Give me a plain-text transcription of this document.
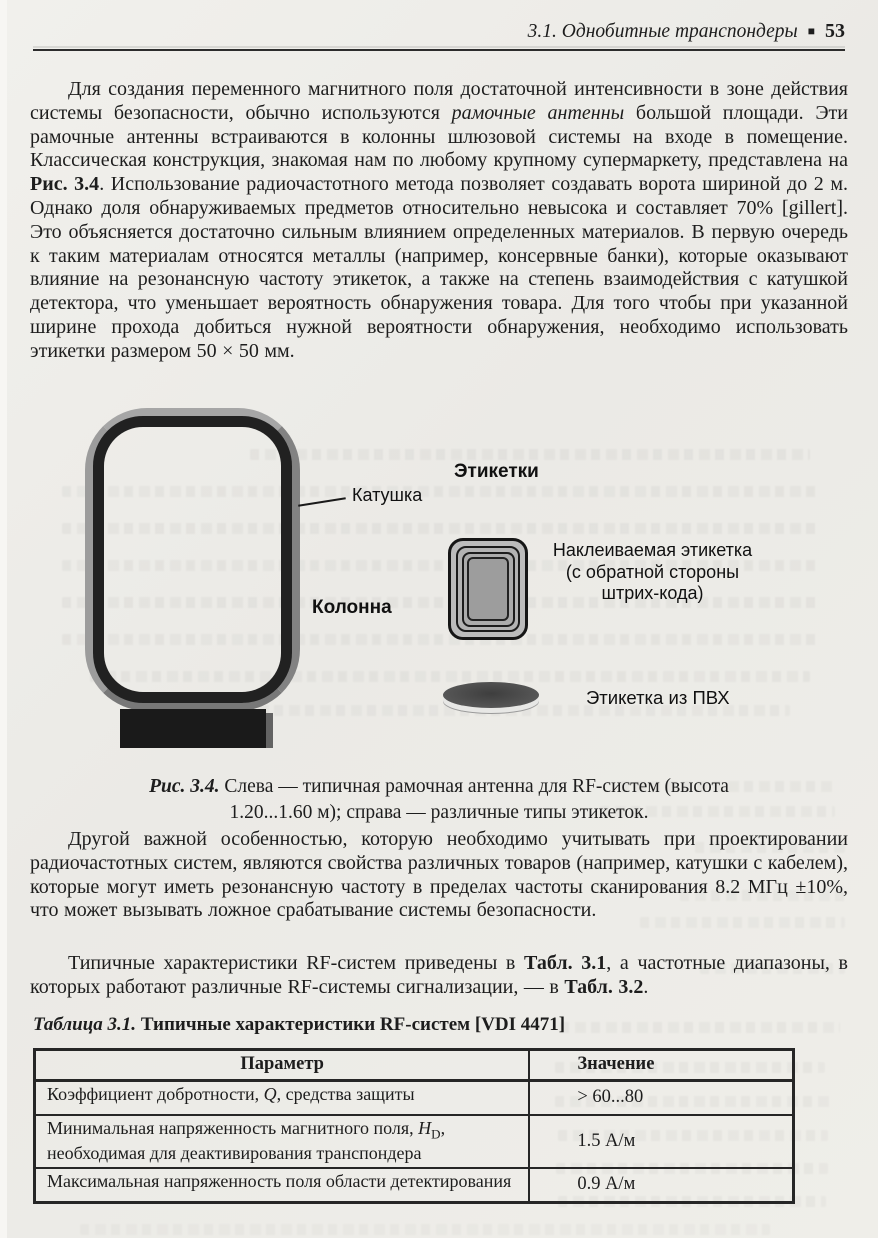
3.1. Однобитные транспондеры ■ 53

Для создания переменного магнитного поля достаточной интенсивности в зоне действия системы безопасности, обычно используются рамочные антенны большой площади. Эти рамочные антенны встраиваются в колонны шлюзовой системы на входе в помещение. Классическая конструкция, знакомая нам по любому крупному супермаркету, представлена на Рис. 3.4. Использование радиочастотного метода позволяет создавать ворота шириной до 2 м. Однако доля обнаруживаемых предметов относительно невысока и составляет 70% [gillert]. Это объясняется достаточно сильным влиянием определенных материалов. В первую очередь к таким материалам относятся металлы (например, консервные банки), которые оказывают влияние на резонансную частоту этикеток, а также на степень взаимодействия с катушкой детектора, что уменьшает вероятность обнаружения товара. Для того чтобы при указанной ширине прохода добиться нужной вероятности обнаружения, необходимо использовать этикетки размером 50 × 50 мм.

Катушка
Колонна
Этикетки
Наклеиваемая этикетка
(с обратной стороны
штрих-кода)
Этикетка из ПВХ
Рис. 3.4. Слева — типичная рамочная антенна для RF-систем (высота
1.20...1.60 м); справа — различные типы этикеток.

Другой важной особенностью, которую необходимо учитывать при проектировании радиочастотных систем, являются свойства различных товаров (например, катушки с кабелем), которые могут иметь резонансную частоту в пределах частоты сканирования 8.2 МГц ±10%, что может вызывать ложное срабатывание системы безопасности.

Типичные характеристики RF-систем приведены в Табл. 3.1, а частотные диапазоны, в которых работают различные RF-системы сигнализации, — в Табл. 3.2.

Таблица 3.1. Типичные характеристики RF-систем [VDI 4471]
Параметр	Значение
Коэффициент добротности, Q, средства защиты	> 60...80
Минимальная напряженность магнитного поля, $H_D$, необходимая для деактивирования транспондера	1.5 А/м
Максимальная напряженность поля области детектирования	0.9 А/м
